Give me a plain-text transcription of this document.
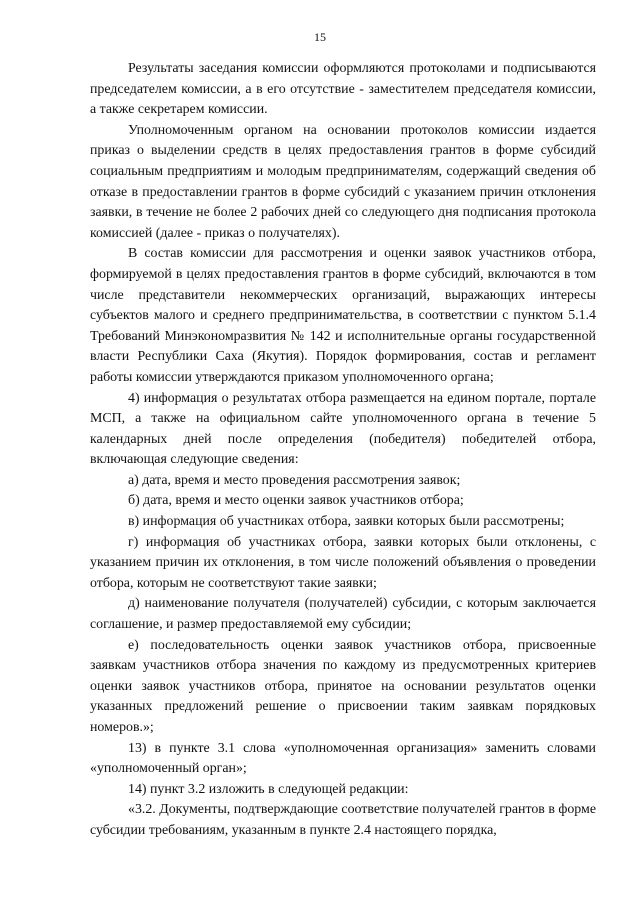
15

Результаты заседания комиссии оформляются протоколами и подписываются председателем комиссии, а в его отсутствие - заместителем председателя комиссии, а также секретарем комиссии.

Уполномоченным органом на основании протоколов комиссии издается приказ о выделении средств в целях предоставления грантов в форме субсидий социальным предприятиям и молодым предпринимателям, содержащий сведения об отказе в предоставлении грантов в форме субсидий с указанием причин отклонения заявки, в течение не более 2 рабочих дней со следующего дня подписания протокола комиссией (далее - приказ о получателях).

В состав комиссии для рассмотрения и оценки заявок участников отбора, формируемой в целях предоставления грантов в форме субсидий, включаются в том числе представители некоммерческих организаций, выражающих интересы субъектов малого и среднего предпринимательства, в соответствии с пунктом 5.1.4 Требований Минэкономразвития № 142 и исполнительные органы государственной власти Республики Саха (Якутия). Порядок формирования, состав и регламент работы комиссии утверждаются приказом уполномоченного органа;

4) информация о результатах отбора размещается на едином портале, портале МСП, а также на официальном сайте уполномоченного органа в течение 5 календарных дней после определения (победителя) победителей отбора, включающая следующие сведения:

а) дата, время и место проведения рассмотрения заявок;

б) дата, время и место оценки заявок участников отбора;

в) информация об участниках отбора, заявки которых были рассмотрены;

г) информация об участниках отбора, заявки которых были отклонены, с указанием причин их отклонения, в том числе положений объявления о проведении отбора, которым не соответствуют такие заявки;

д) наименование получателя (получателей) субсидии, с которым заключается соглашение, и размер предоставляемой ему субсидии;

е) последовательность оценки заявок участников отбора, присвоенные заявкам участников отбора значения по каждому из предусмотренных критериев оценки заявок участников отбора, принятое на основании результатов оценки указанных предложений решение о присвоении таким заявкам порядковых номеров.»;

13) в пункте 3.1 слова «уполномоченная организация» заменить словами «уполномоченный орган»;

14) пункт 3.2 изложить в следующей редакции:

«3.2. Документы, подтверждающие соответствие получателей грантов в форме субсидии требованиям, указанным в пункте 2.4 настоящего порядка,
